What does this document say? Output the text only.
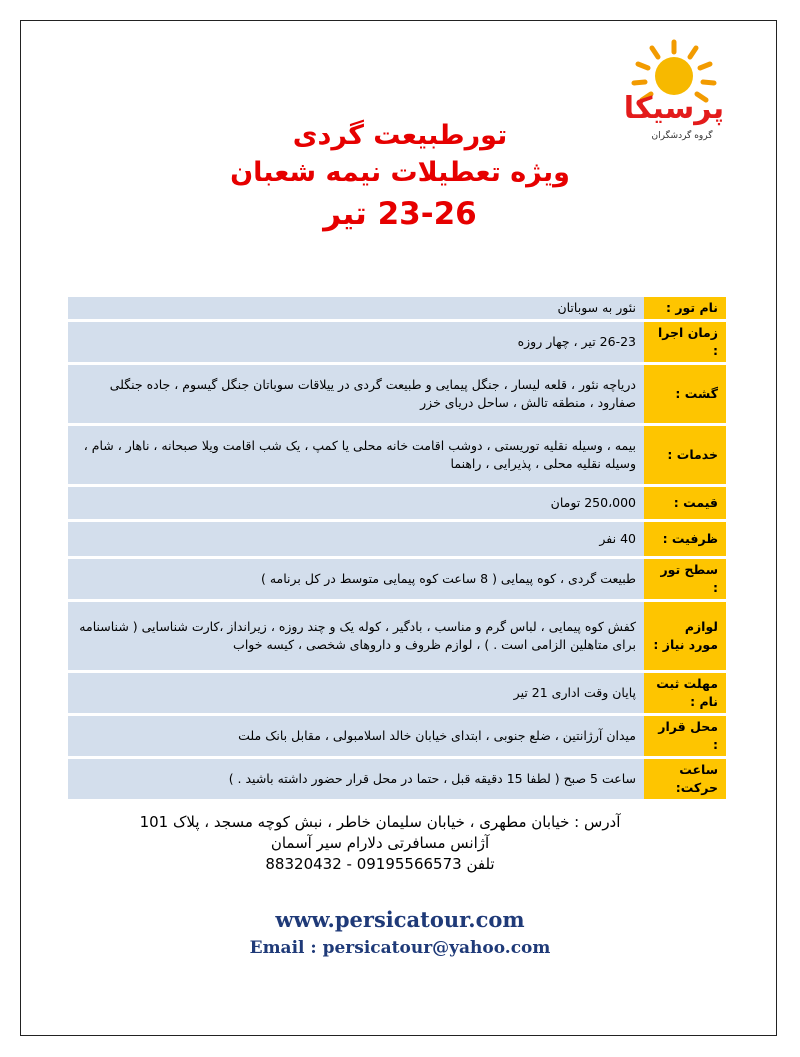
پرسیکا
گروه گردشگران
تورطبیعت گردی
ویژه تعطیلات نیمه شعبان
23-26 تیر
نام تور :	نئور به سوباتان
زمان اجرا :	26-23 تیر ، چهار روزه
گشت :	دریاچه نئور ، قلعه لیسار ، جنگل پیمایی و طبیعت گردی در ییلاقات سوباتان جنگل گیسوم ، جاده جنگلی صفارود ، منطقه تالش ، ساحل دریای خزر
خدمات :	بیمه ، وسیله نقلیه توریستی ، دوشب اقامت خانه محلی یا کمپ ، یک شب اقامت ویلا صبحانه ، ناهار ، شام ، وسیله نقلیه محلی ، پذیرایی ، راهنما
قیمت :	250،000 تومان
ظرفیت :	40 نفر
سطح تور :	طبیعت گردی ، کوه پیمایی ( 8 ساعت کوه پیمایی متوسط در کل برنامه )
لوازم مورد نیاز :	کفش کوه پیمایی ، لباس گرم و مناسب ، بادگیر ، کوله یک و چند روزه ، زیرانداز ،کارت شناسایی ( شناسنامه برای متاهلین الزامی است . ) ، لوازم ظروف و داروهای شخصی ، کیسه خواب
مهلت ثبت نام :	پایان وقت اداری 21 تیر
محل قرار :	میدان آرژانتین ، ضلع جنوبی ، ابتدای خیابان خالد اسلامبولی ، مقابل بانک ملت
ساعت حرکت:	ساعت 5 صبح ( لطفا 15 دقیقه قبل ، حتما در محل قرار حضور داشته باشید . )
آدرس : خیابان مطهری ، خیابان سلیمان خاطر ، نبش کوچه مسجد ، پلاک 101
آژانس مسافرتی دلارام سیر آسمان
تلفن 09195566573 - 88320432
www.persicatour.com
Email : persicatour@yahoo.com
